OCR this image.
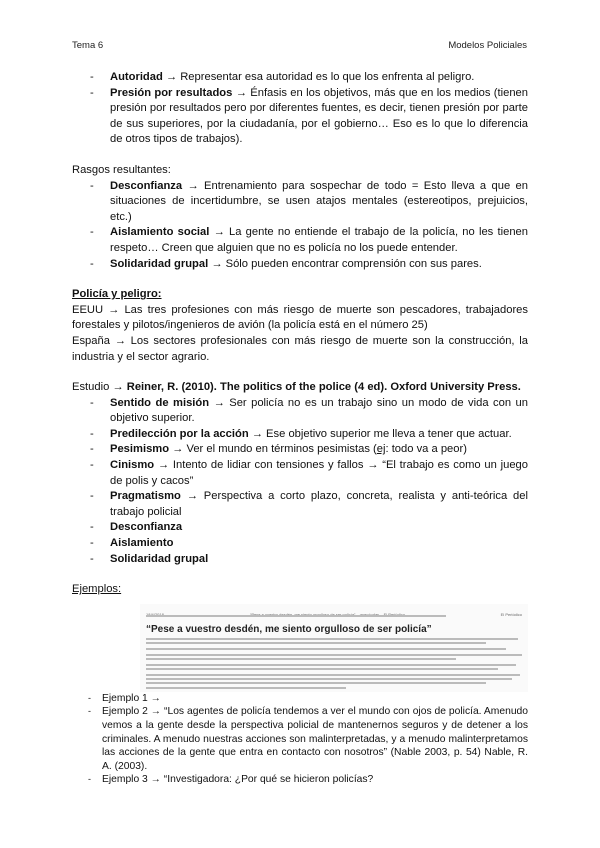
Tema 6	Modelos Policiales
-	Autoridad → Representar esa autoridad es lo que los enfrenta al peligro.
-	Presión por resultados → Énfasis en los objetivos, más que en los medios (tienen presión por resultados pero por diferentes fuentes, es decir, tienen presión por parte de sus superiores, por la ciudadanía, por el gobierno… Eso es lo que lo diferencia de otros tipos de trabajos).

Rasgos resultantes:

-	Desconfianza → Entrenamiento para sospechar de todo = Esto lleva a que en situaciones de incertidumbre, se usen atajos mentales (estereotipos, prejuicios, etc.)
-	Aislamiento social → La gente no entiende el trabajo de la policía, no les tienen respeto… Creen que alguien que no es policía no los puede entender.
-	Solidaridad grupal → Sólo pueden encontrar comprensión con sus pares.

Policía y peligro:

EEUU → Las tres profesiones con más riesgo de muerte son pescadores, trabajadores forestales y pilotos/ingenieros de avión (la policía está en el número 25)

España → Los sectores profesionales con más riesgo de muerte son la construcción, la industria y el sector agrario.

Estudio → Reiner, R. (2010). The politics of the police (4 ed). Oxford University Press.

-	Sentido de misión → Ser policía no es un trabajo sino un modo de vida con un objetivo superior.
-	Predilección por la acción → Ese objetivo superior me lleva a tener que actuar.
-	Pesimismo → Ver el mundo en términos pesimistas (ej: todo va a peor)
-	Cinismo → Intento de lidiar con tensiones y fallos → “El trabajo es como un juego de polis y cacos”
-	Pragmatismo → Perspectiva a corto plazo, concreta, realista y anti-teórica del trabajo policial
-	Desconfianza
-	Aislamiento
-	Solidaridad grupal

Ejemplos:

El Periódico
“Pese a vuestro desdén, me siento orgulloso de ser policía”
-	Ejemplo 1 →
-	Ejemplo 2 → “Los agentes de policía tendemos a ver el mundo con ojos de policía. Amenudo vemos a la gente desde la perspectiva policial de mantenernos seguros y de detener a los criminales. A menudo nuestras acciones son malinterpretadas, y a menudo malinterpretamos las acciones de la gente que entra en contacto con nosotros” (Nable 2003, p. 54) Nable, R. A. (2003).
-	Ejemplo 3 → “Investigadora: ¿Por qué se hicieron policías?
